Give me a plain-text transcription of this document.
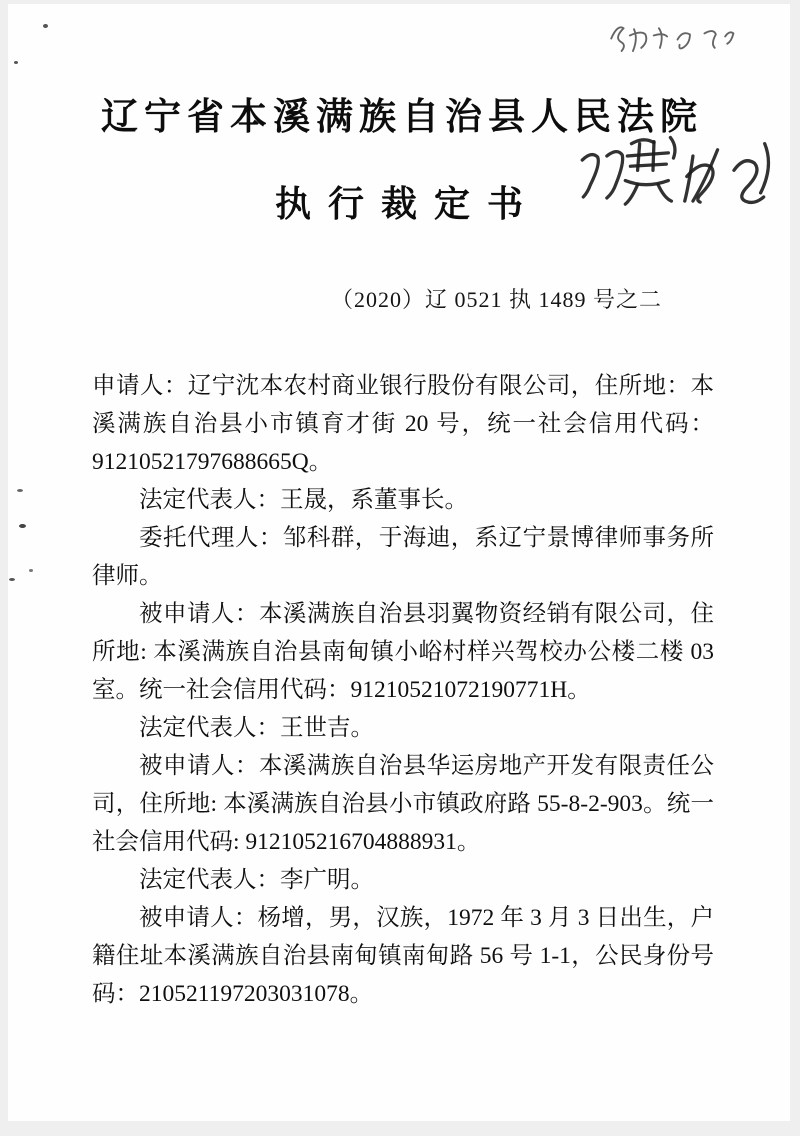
辽宁省本溪满族自治县人民法院
执行裁定书
（2020）辽 0521 执 1489 号之二

申请人：辽宁沈本农村商业银行股份有限公司，住所地：本溪满族自治县小市镇育才街 20 号，统一社会信用代码：91210521797688665Q。

法定代表人：王晟，系董事长。

委托代理人：邹科群，于海迪，系辽宁景博律师事务所律师。

被申请人：本溪满族自治县羽翼物资经销有限公司，住所地: 本溪满族自治县南甸镇小峪村样兴驾校办公楼二楼 03 室。统一社会信用代码：91210521072190771H。

法定代表人：王世吉。

被申请人：本溪满族自治县华运房地产开发有限责任公司，住所地: 本溪满族自治县小市镇政府路 55-8-2-903。统一社会信用代码: 912105216704888931。

法定代表人：李广明。

被申请人：杨增，男，汉族，1972 年 3 月 3 日出生，户籍住址本溪满族自治县南甸镇南甸路 56 号 1-1，公民身份号码：210521197203031078。
